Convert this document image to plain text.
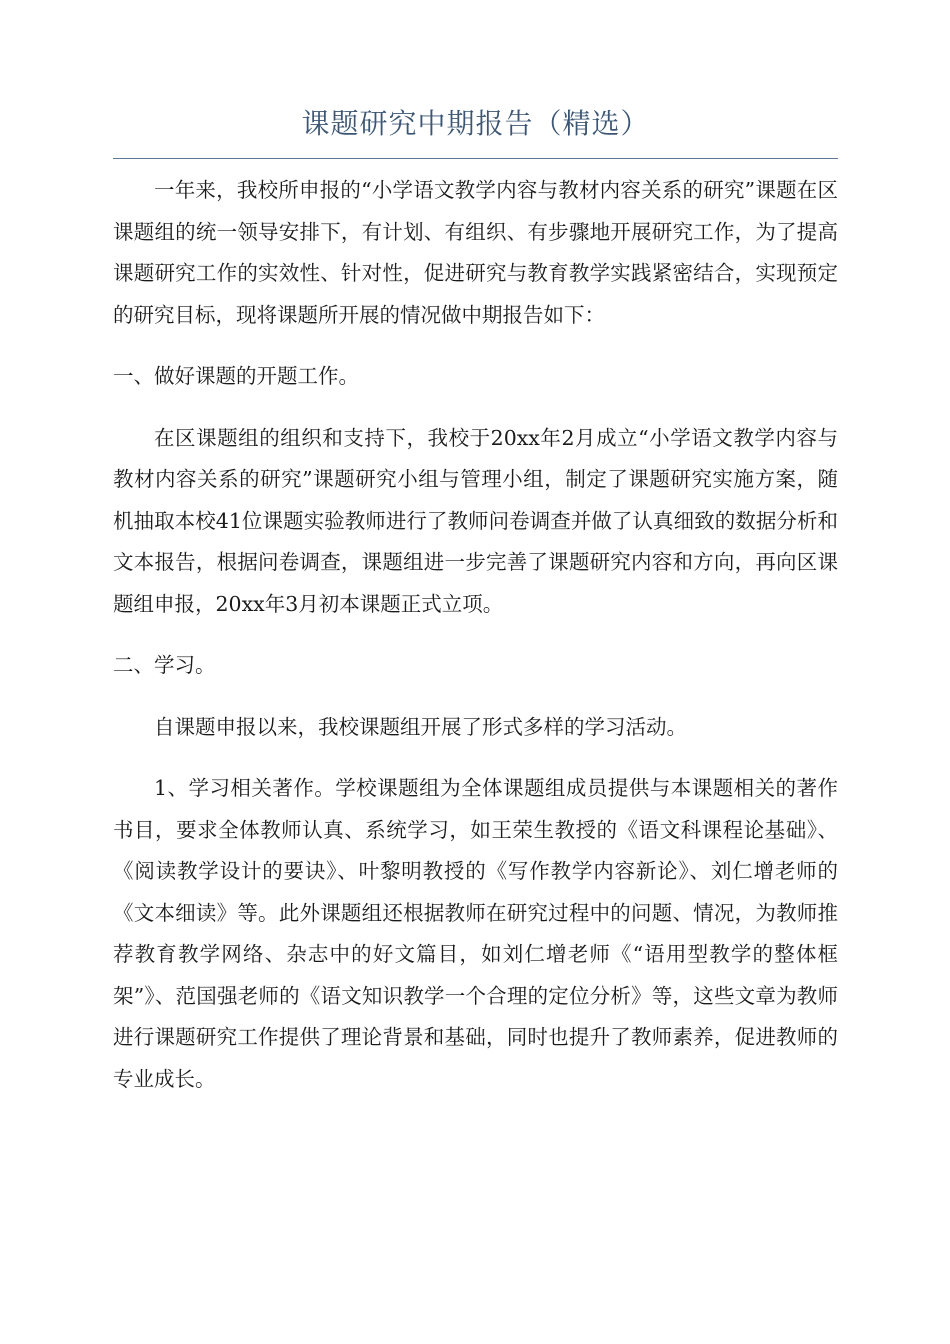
课题研究中期报告（精选）

一年来，我校所申报的“小学语文教学内容与教材内容关系的研究”课题在区课题组的统一领导安排下，有计划、有组织、有步骤地开展研究工作，为了提高课题研究工作的实效性、针对性，促进研究与教育教学实践紧密结合，实现预定的研究目标，现将课题所开展的情况做中期报告如下：

一、做好课题的开题工作。

在区课题组的组织和支持下，我校于20xx年2月成立“小学语文教学内容与教材内容关系的研究”课题研究小组与管理小组，制定了课题研究实施方案，随机抽取本校41位课题实验教师进行了教师问卷调查并做了认真细致的数据分析和文本报告，根据问卷调查，课题组进一步完善了课题研究内容和方向，再向区课题组申报，20xx年3月初本课题正式立项。

二、学习。

自课题申报以来，我校课题组开展了形式多样的学习活动。

1、学习相关著作。学校课题组为全体课题组成员提供与本课题相关的著作书目，要求全体教师认真、系统学习，如王荣生教授的《语文科课程论基础》、《阅读教学设计的要诀》、叶黎明教授的《写作教学内容新论》、刘仁增老师的《文本细读》等。此外课题组还根据教师在研究过程中的问题、情况，为教师推荐教育教学网络、杂志中的好文篇目，如刘仁增老师《“语用型教学的整体框架”》、范国强老师的《语文知识教学一个合理的定位分析》等，这些文章为教师进行课题研究工作提供了理论背景和基础，同时也提升了教师素养，促进教师的专业成长。
